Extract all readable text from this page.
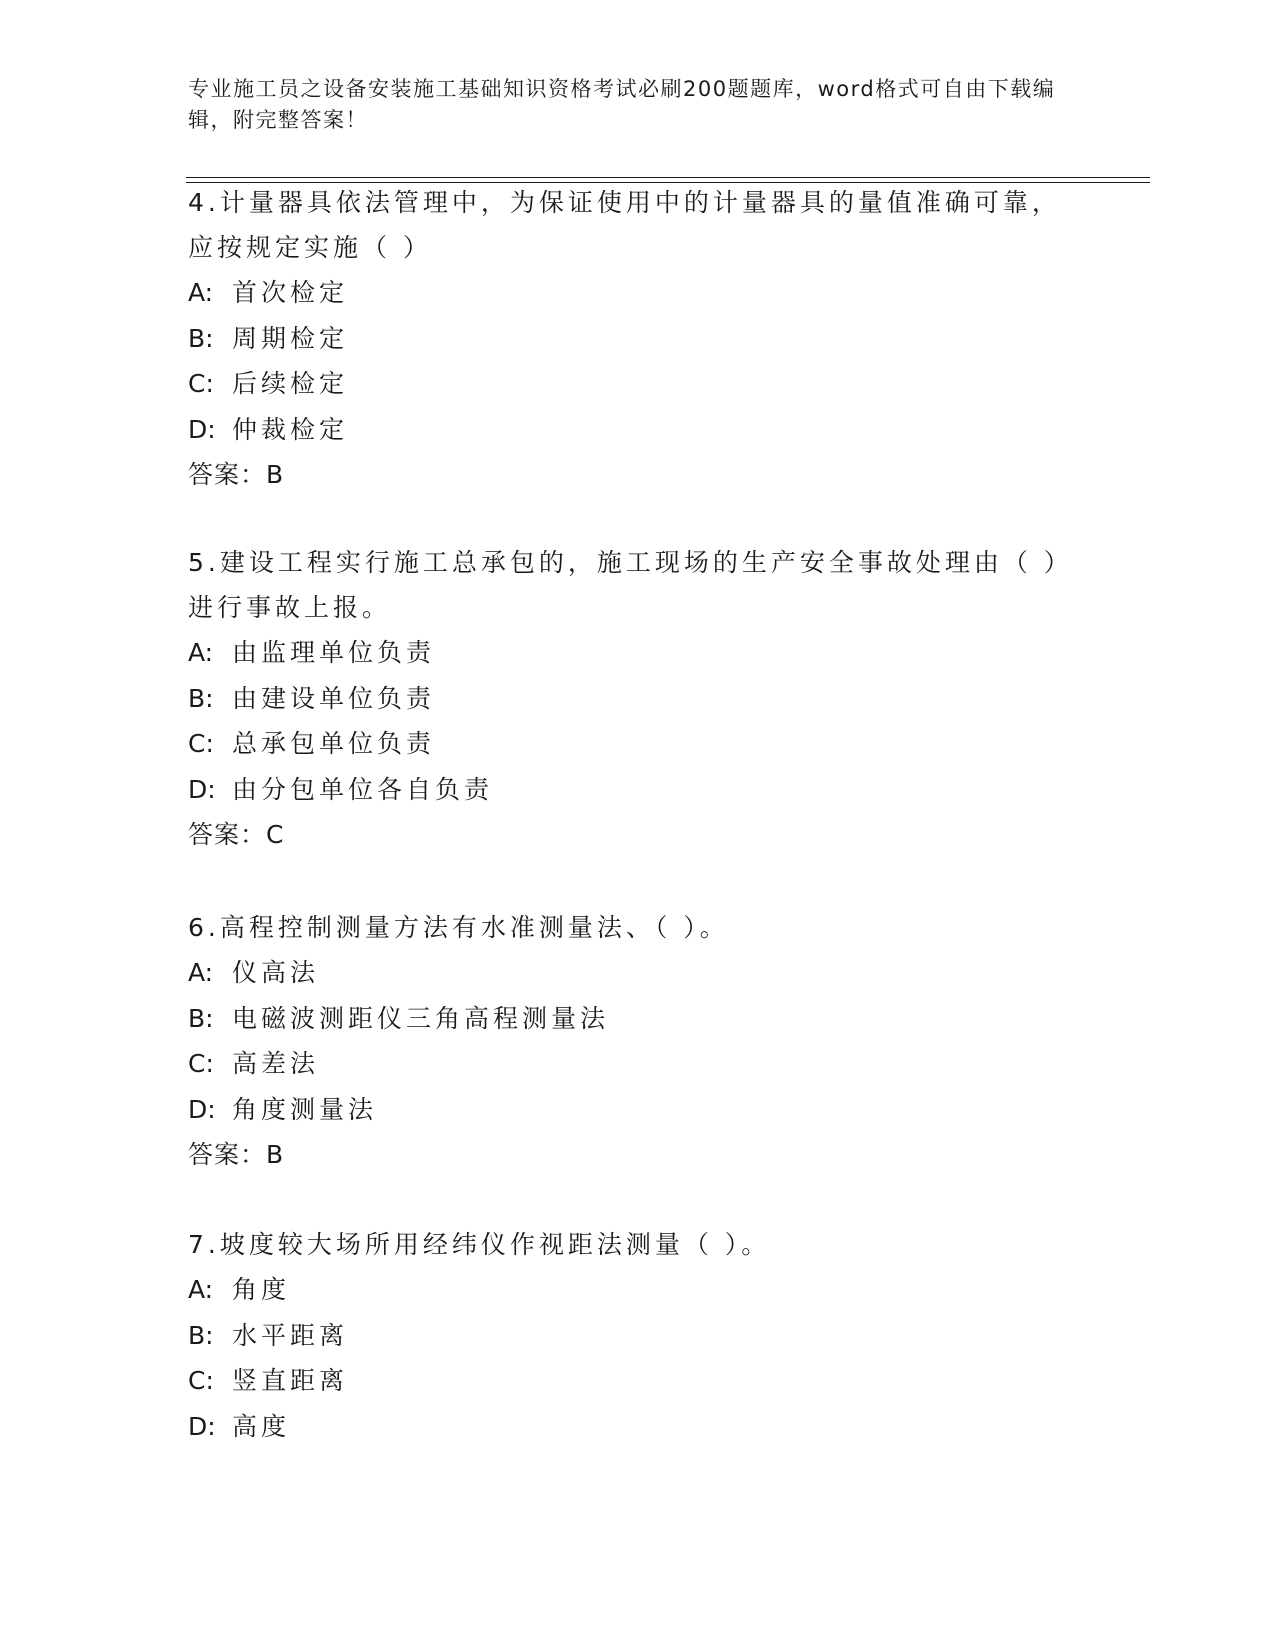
专业施工员之设备安装施工基础知识资格考试必刷200题题库，word格式可自由下载编辑，附完整答案！

4.计量器具依法管理中，为保证使用中的计量器具的量值准确可靠，

应按规定实施（ ）

A: 首次检定

B: 周期检定

C: 后续检定

D: 仲裁检定

答案：B

5.建设工程实行施工总承包的，施工现场的生产安全事故处理由（ ）

进行事故上报。

A: 由监理单位负责

B: 由建设单位负责

C: 总承包单位负责

D: 由分包单位各自负责

答案：C

6.高程控制测量方法有水准测量法、（ ）。

A: 仪高法

B: 电磁波测距仪三角高程测量法

C: 高差法

D: 角度测量法

答案：B

7.坡度较大场所用经纬仪作视距法测量（ ）。

A: 角度

B: 水平距离

C: 竖直距离

D: 高度
